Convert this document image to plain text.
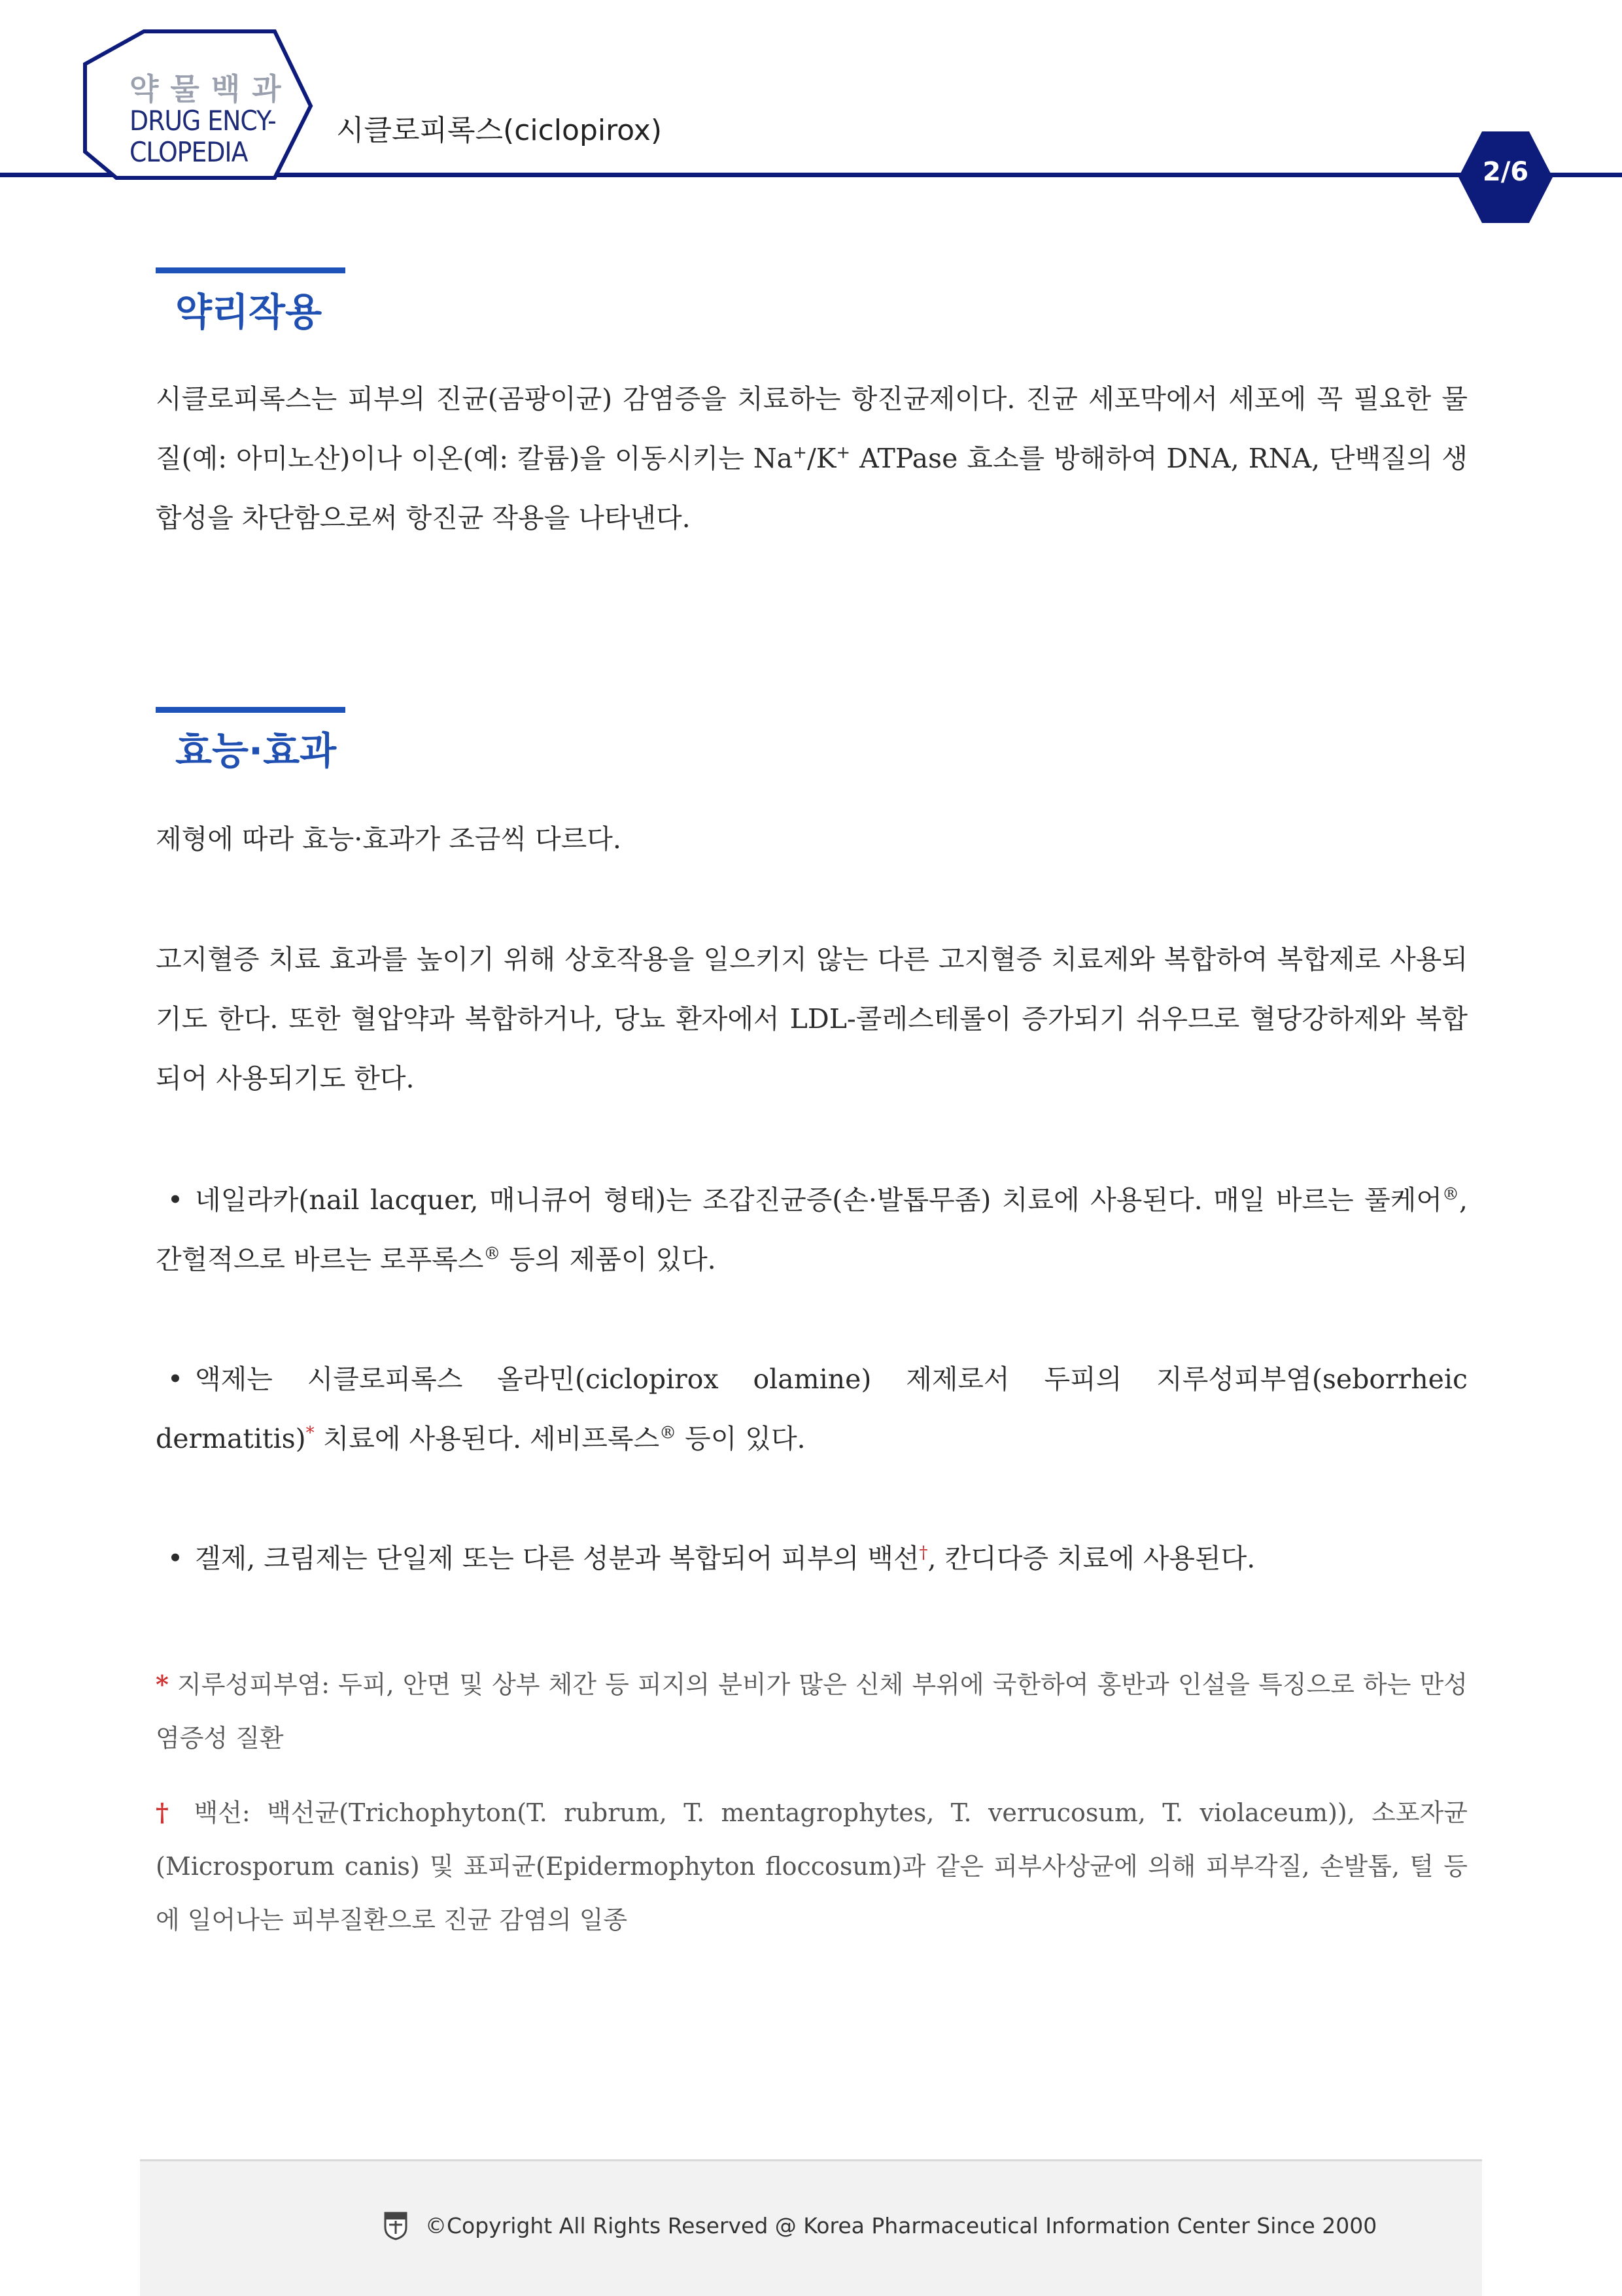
약물백과
DRUG ENCY-
CLOPEDIA
시클로피록스(ciclopirox)
2/6
약리작용
시클로피록스는 피부의 진균(곰팡이균) 감염증을 치료하는 항진균제이다. 진균 세포막에서 세포에 꼭 필요한 물질(예: 아미노산)이나 이온(예: 칼륨)을 이동시키는 Na+/K+ ATPase 효소를 방해하여 DNA, RNA, 단백질의 생합성을 차단함으로써 항진균 작용을 나타낸다.
효능·효과
제형에 따라 효능·효과가 조금씩 다르다.
고지혈증 치료 효과를 높이기 위해 상호작용을 일으키지 않는 다른 고지혈증 치료제와 복합하여 복합제로 사용되기도 한다. 또한 혈압약과 복합하거나, 당뇨 환자에서 LDL-콜레스테롤이 증가되기 쉬우므로 혈당강하제와 복합되어 사용되기도 한다.
• 네일라카(nail lacquer, 매니큐어 형태)는 조갑진균증(손·발톱무좀) 치료에 사용된다. 매일 바르는 풀케어®, 간헐적으로 바르는 로푸록스® 등의 제품이 있다.
• 액제는 시클로피록스 올라민(ciclopirox olamine) 제제로서 두피의 지루성피부염(seborrheic dermatitis)* 치료에 사용된다. 세비프록스® 등이 있다.
• 겔제, 크림제는 단일제 또는 다른 성분과 복합되어 피부의 백선†, 칸디다증 치료에 사용된다.
* 지루성피부염: 두피, 안면 및 상부 체간 등 피지의 분비가 많은 신체 부위에 국한하여 홍반과 인설을 특징으로 하는 만성 염증성 질환
† 백선: 백선균(Trichophyton(T. rubrum, T. mentagrophytes, T. verrucosum, T. violaceum)), 소포자균(Microsporum canis) 및 표피균(Epidermophyton floccosum)과 같은 피부사상균에 의해 피부각질, 손발톱, 털 등에 일어나는 피부질환으로 진균 감염의 일종
©Copyright All Rights Reserved @ Korea Pharmaceutical Information Center Since 2000
